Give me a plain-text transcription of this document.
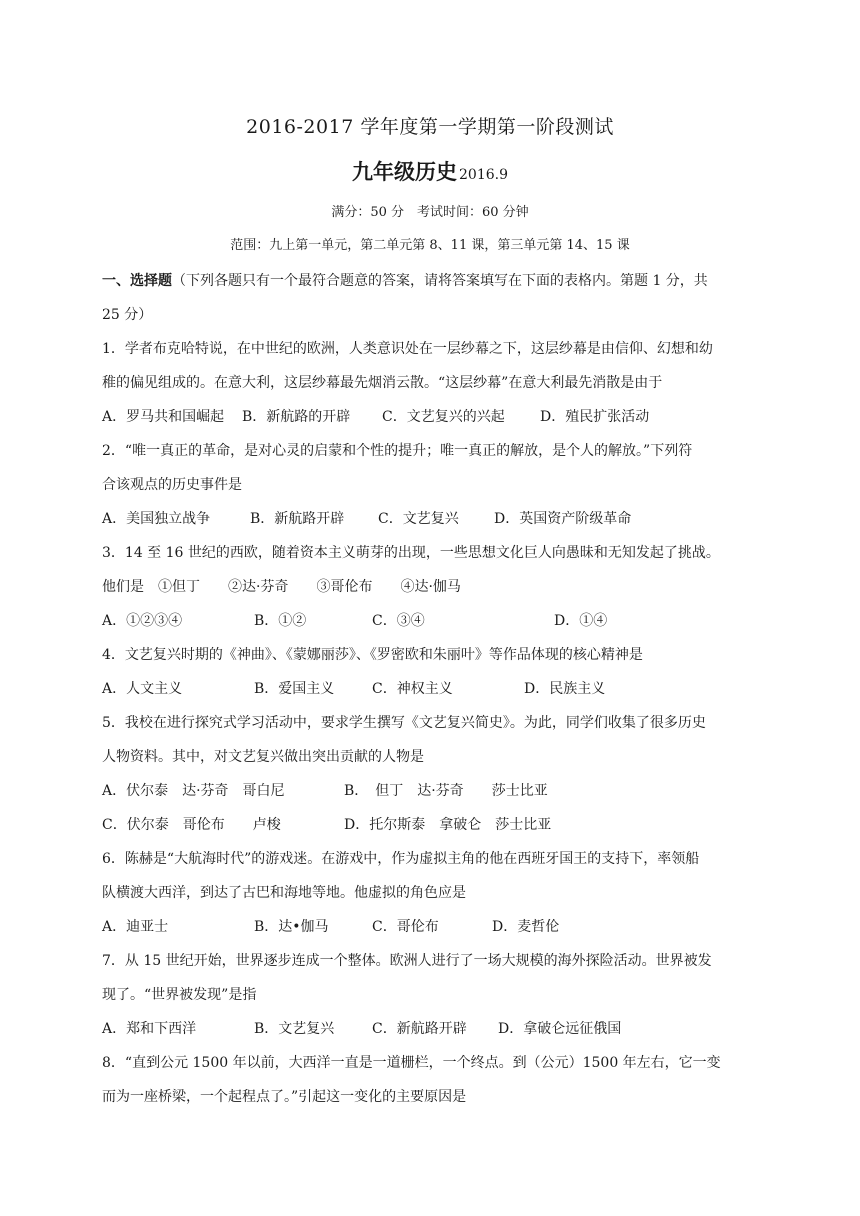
2016-2017 学年度第一学期第一阶段测试
九年级历史 2016.9
满分：50 分　考试时间：60 分钟
范围：九上第一单元，第二单元第 8、11 课，第三单元第 14、15 课
一、选择题（下列各题只有一个最符合题意的答案，请将答案填写在下面的表格内。第题 1 分，共
25 分）
1．学者布克哈特说，在中世纪的欧洲，人类意识处在一层纱幕之下，这层纱幕是由信仰、幻想和幼
稚的偏见组成的。在意大利，这层纱幕最先烟消云散。“这层纱幕”在意大利最先消散是由于
A．罗马共和国崛起	B．新航路的开辟	C．文艺复兴的兴起	D．殖民扩张活动
2．“唯一真正的革命，是对心灵的启蒙和个性的提升；唯一真正的解放，是个人的解放。”下列符
合该观点的历史事件是
A．美国独立战争	B．新航路开辟	C．文艺复兴	D．英国资产阶级革命
3．14 至 16 世纪的西欧，随着资本主义萌芽的出现，一些思想文化巨人向愚昧和无知发起了挑战。
他们是　①但丁　　②达·芬奇　　③哥伦布　　④达·伽马
A．①②③④	B．①②	C．③④	D．①④
4．文艺复兴时期的《神曲》、《蒙娜丽莎》、《罗密欧和朱丽叶》等作品体现的核心精神是
A．人文主义	B．爱国主义	C．神权主义	D．民族主义
5．我校在进行探究式学习活动中，要求学生撰写《文艺复兴简史》。为此，同学们收集了很多历史
人物资料。其中，对文艺复兴做出突出贡献的人物是
A．伏尔泰　达·芬奇　哥白尼	B．　但丁　达·芬奇　　莎士比亚
C．伏尔泰　哥伦布　　卢梭	D．托尔斯泰　拿破仑　莎士比亚
6．陈赫是“大航海时代”的游戏迷。在游戏中，作为虚拟主角的他在西班牙国王的支持下，率领船
队横渡大西洋，到达了古巴和海地等地。他虚拟的角色应是
A．迪亚士	B．达•伽马	C．哥伦布	D．麦哲伦
7．从 15 世纪开始，世界逐步连成一个整体。欧洲人进行了一场大规模的海外探险活动。世界被发
现了。“世界被发现”是指
A．郑和下西洋	B．文艺复兴	C．新航路开辟	D．拿破仑远征俄国
8．“直到公元 1500 年以前，大西洋一直是一道栅栏，一个终点。到（公元）1500 年左右，它一变
而为一座桥梁，一个起程点了。”引起这一变化的主要原因是
